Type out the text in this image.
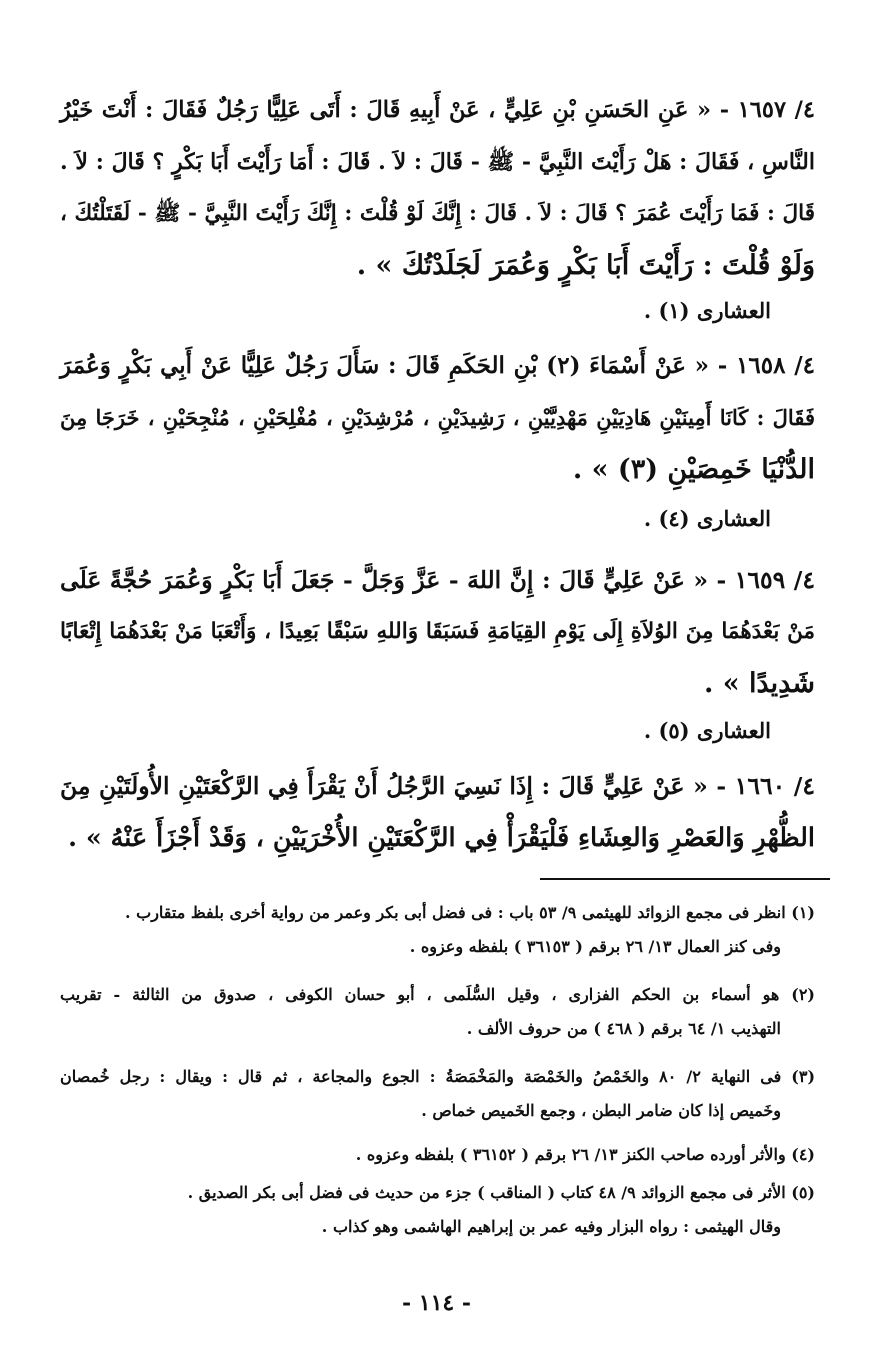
٤/ ١٦٥٧ - « عَنِ الحَسَنِ بْنِ عَلِيٍّ ، عَنْ أَبِيهِ قَالَ : أَتَى عَلِيًّا رَجُلٌ فَقَالَ : أَنْتَ خَيْرُ
النَّاسِ ، فَقَالَ : هَلْ رَأَيْتَ النَّبِيَّ - ﷺ - قَالَ : لاَ . قَالَ : أَمَا رَأَيْتَ أَبَا بَكْرٍ ؟ قَالَ : لاَ .
قَالَ : فَمَا رَأَيْتَ عُمَرَ ؟ قَالَ : لاَ . قَالَ : إِنَّكَ لَوْ قُلْتَ : إِنَّكَ رَأَيْتَ النَّبِيَّ - ﷺ - لَقَتَلْتُكَ ،
وَلَوْ قُلْتَ : رَأَيْتَ أَبَا بَكْرٍ وَعُمَرَ لَجَلَدْتُكَ » .
العشارى (١) .
٤/ ١٦٥٨ - « عَنْ أَسْمَاءَ (٢) بْنِ الحَكَمِ قَالَ : سَأَلَ رَجُلٌ عَلِيًّا عَنْ أَبِي بَكْرٍ وَعُمَرَ
فَقَالَ : كَانَا أَمِينَيْنِ هَادِيَيْنِ مَهْدِيَّيْنِ ، رَشِيدَيْنِ ، مُرْشِدَيْنِ ، مُفْلِحَيْنِ ، مُنْجِحَيْنِ ، خَرَجَا مِنَ
الدُّنْيَا خَمِصَيْنِ (٣) » .
العشارى (٤) .
٤/ ١٦٥٩ - « عَنْ عَلِيٍّ قَالَ : إِنَّ اللهَ - عَزَّ وَجَلَّ - جَعَلَ أَبَا بَكْرٍ وَعُمَرَ حُجَّةً عَلَى
مَنْ بَعْدَهُمَا مِنَ الوُلاَةِ إِلَى يَوْمِ القِيَامَةِ فَسَبَقَا وَاللهِ سَبْقًا بَعِيدًا ، وَأَتْعَبَا مَنْ بَعْدَهُمَا إِتْعَابًا
شَدِيدًا » .
العشارى (٥) .
٤/ ١٦٦٠ - « عَنْ عَلِيٍّ قَالَ : إِذَا نَسِيَ الرَّجُلُ أَنْ يَقْرَأَ فِي الرَّكْعَتَيْنِ الأُولَتَيْنِ مِنَ
الظُّهْرِ وَالعَصْرِ وَالعِشَاءِ فَلْيَقْرَأْ فِي الرَّكْعَتَيْنِ الأُخْرَيَيْنِ ، وَقَدْ أَجْزَأَ عَنْهُ » .
(١) انظر فى مجمع الزوائد للهيثمى ٩/ ٥٣ باب : فى فضل أبى بكر وعمر من رواية أخرى بلفظ متقارب .
وفى كنز العمال ١٣/ ٢٦ برقم ( ٣٦١٥٣ ) بلفظه وعزوه .
(٢) هو أسماء بن الحكم الفزارى ، وقيل السُّلَمى ، أبو حسان الكوفى ، صدوق من الثالثة - تقريب
التهذيب ١/ ٦٤ برقم ( ٤٦٨ ) من حروف الألف .
(٣) فى النهاية ٢/ ٨٠ والخَمْصُ والخَمْصَة والمَخْمَصَةُ : الجوع والمجاعة ، ثم قال : ويقال : رجل خُمصان
وخَميص إذا كان ضامر البطن ، وجمع الخَميص خماص .
(٤) والأثر أورده صاحب الكنز ١٣/ ٢٦ برقم ( ٣٦١٥٢ ) بلفظه وعزوه .
(٥) الأثر فى مجمع الزوائد ٩/ ٤٨ كتاب ( المناقب ) جزء من حديث فى فضل أبى بكر الصديق .
وقال الهيثمى : رواه البزار وفيه عمر بن إبراهيم الهاشمى وهو كذاب .
- ١١٤ -
